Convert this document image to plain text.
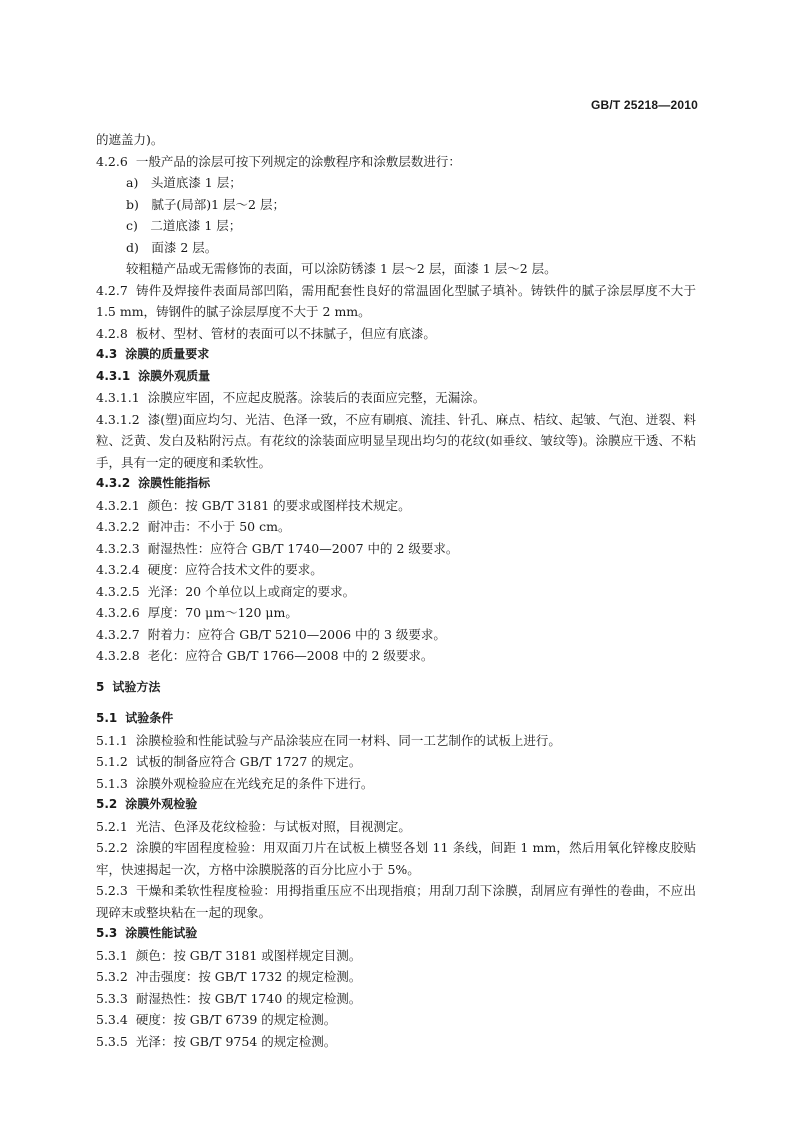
GB/T 25218—2010
的遮盖力)。
4.2.6 一般产品的涂层可按下列规定的涂敷程序和涂敷层数进行：
a)　头道底漆 1 层；
b)　腻子(局部)1 层～2 层；
c)　二道底漆 1 层；
d)　面漆 2 层。
较粗糙产品或无需修饰的表面，可以涂防锈漆 1 层～2 层，面漆 1 层～2 层。
4.2.7 铸件及焊接件表面局部凹陷，需用配套性良好的常温固化型腻子填补。铸铁件的腻子涂层厚度不大于 1.5 mm，铸钢件的腻子涂层厚度不大于 2 mm。
4.2.8 板材、型材、管材的表面可以不抹腻子，但应有底漆。
4.3 涂膜的质量要求
4.3.1 涂膜外观质量
4.3.1.1 涂膜应牢固，不应起皮脱落。涂装后的表面应完整，无漏涂。
4.3.1.2 漆(塑)面应均匀、光洁、色泽一致，不应有刷痕、流挂、针孔、麻点、桔纹、起皱、气泡、迸裂、料粒、泛黄、发白及粘附污点。有花纹的涂装面应明显呈现出均匀的花纹(如垂纹、皱纹等)。涂膜应干透、不粘手，具有一定的硬度和柔软性。
4.3.2 涂膜性能指标
4.3.2.1 颜色：按 GB/T 3181 的要求或图样技术规定。
4.3.2.2 耐冲击：不小于 50 cm。
4.3.2.3 耐湿热性：应符合 GB/T 1740—2007 中的 2 级要求。
4.3.2.4 硬度：应符合技术文件的要求。
4.3.2.5 光泽：20 个单位以上或商定的要求。
4.3.2.6 厚度：70 μm～120 μm。
4.3.2.7 附着力：应符合 GB/T 5210—2006 中的 3 级要求。
4.3.2.8 老化：应符合 GB/T 1766—2008 中的 2 级要求。
5 试验方法
5.1 试验条件
5.1.1 涂膜检验和性能试验与产品涂装应在同一材料、同一工艺制作的试板上进行。
5.1.2 试板的制备应符合 GB/T 1727 的规定。
5.1.3 涂膜外观检验应在光线充足的条件下进行。
5.2 涂膜外观检验
5.2.1 光洁、色泽及花纹检验：与试板对照，目视测定。
5.2.2 涂膜的牢固程度检验：用双面刀片在试板上横竖各划 11 条线，间距 1 mm，然后用氧化锌橡皮胶贴牢，快速揭起一次，方格中涂膜脱落的百分比应小于 5%。
5.2.3 干燥和柔软性程度检验：用拇指重压应不出现指痕；用刮刀刮下涂膜，刮屑应有弹性的卷曲，不应出现碎末或整块粘在一起的现象。
5.3 涂膜性能试验
5.3.1 颜色：按 GB/T 3181 或图样规定目测。
5.3.2 冲击强度：按 GB/T 1732 的规定检测。
5.3.3 耐湿热性：按 GB/T 1740 的规定检测。
5.3.4 硬度：按 GB/T 6739 的规定检测。
5.3.5 光泽：按 GB/T 9754 的规定检测。
